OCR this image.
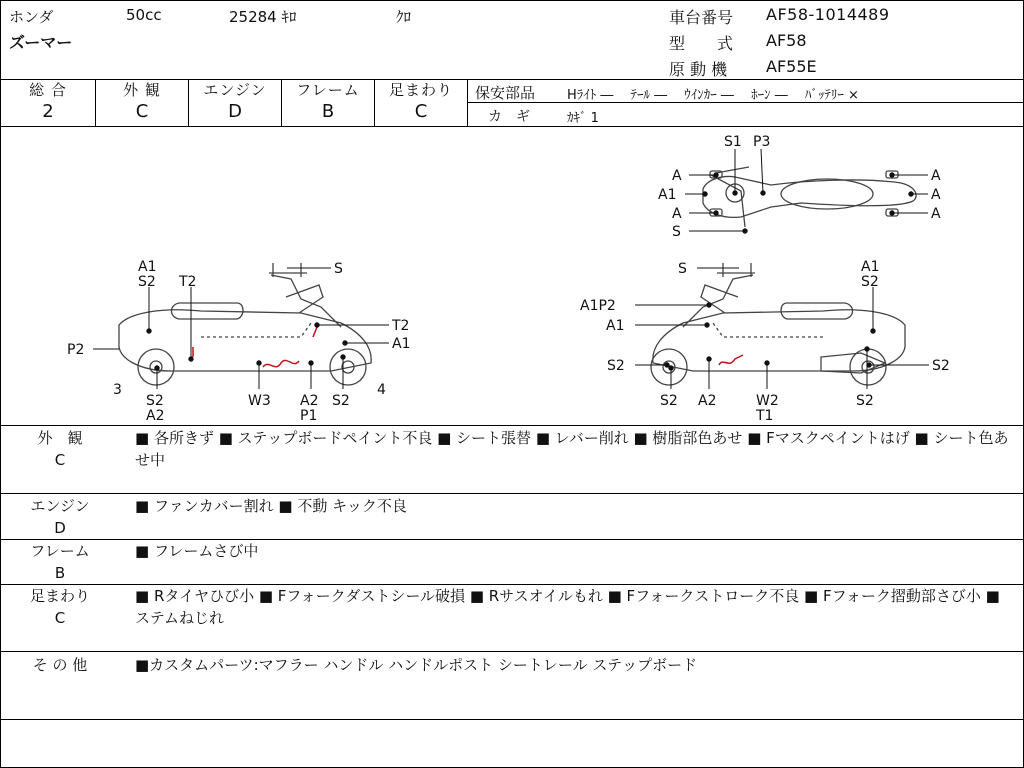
ホンダ	50cc	25284 ｷﾛ	ｸﾛ
ズーマー
車台番号 AF58-1014489
型　　式 AF58
原 動 機 AF55E
総 合
2
外 観
C
エンジン
D
フレーム
B
足まわり
C
保安部品 Hﾗｲﾄ ―　 ﾃｰﾙ ―　 ｳｲﾝｶｰ ―　 ﾎｰﾝ ―　 ﾊﾞｯﾃﾘｰ ×
カ　ギ	ｶｷﾞ 1
S1 P3
A
A1
A
S
A
A
A
A1
S2 T2
S
T2
A1
P2
3	4
S2
A2
W3 A2
P1
S2
S	A1
S2
A1P2
A1
S2	S2
S2 A2	W2
T1
S2
外　観
C
■ 各所きず ■ ステップボードペイント不良 ■ シート張替 ■ レバー削れ ■ 樹脂部色あせ ■ Fマスクペイントはげ ■ シート色あせ中
エンジン
D
■ ファンカバー割れ ■ 不動 キック不良
フレーム
B
■ フレームさび中
足まわり
C
■ Rタイヤひび小 ■ Fフォークダストシール破損 ■ Rサスオイルもれ ■ Fフォークストローク不良 ■ Fフォーク摺動部さび小 ■ ステムねじれ
そ の 他	■カスタムパーツ:マフラー ハンドル ハンドルポスト シートレール ステップボード
